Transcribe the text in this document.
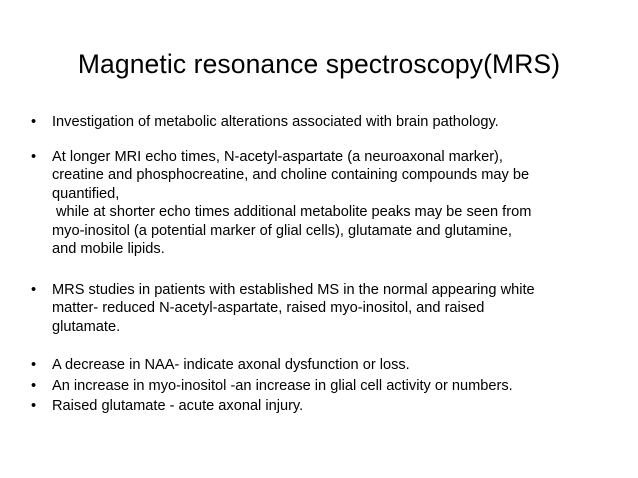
Magnetic resonance spectroscopy(MRS)
• Investigation of metabolic alterations associated with brain pathology.
• At longer MRI echo times, N-acetyl-aspartate (a neuroaxonal marker),
creatine and phosphocreatine, and choline containing compounds may be
quantified,
while at shorter echo times additional metabolite peaks may be seen from
myo-inositol (a potential marker of glial cells), glutamate and glutamine,
and mobile lipids.
• MRS studies in patients with established MS in the normal appearing white
matter- reduced N-acetyl-aspartate, raised myo-inositol, and raised
glutamate.
• A decrease in NAA- indicate axonal dysfunction or loss.
• An increase in myo-inositol -an increase in glial cell activity or numbers.
• Raised glutamate - acute axonal injury.
